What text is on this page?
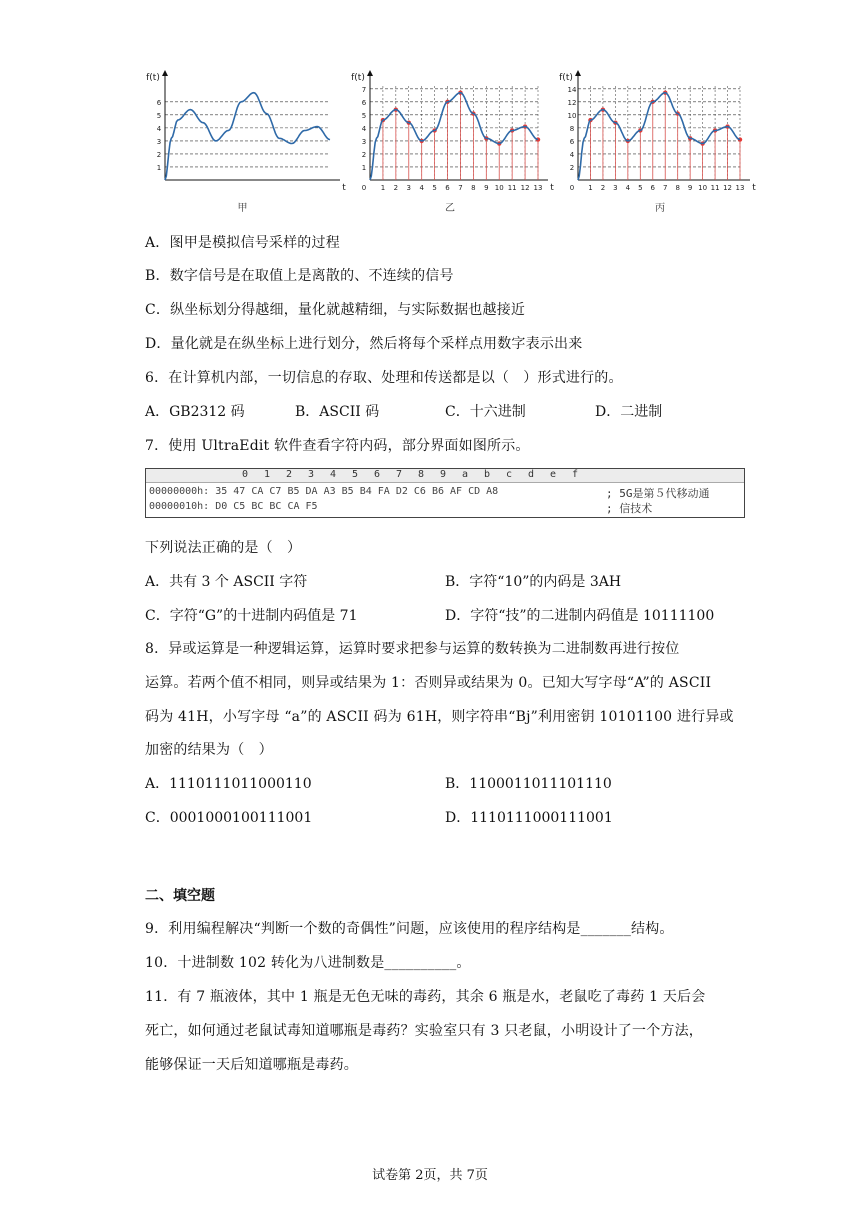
1
2
3
4
5
6
f(t)
t
甲
1
2
3
4
5
6
7
f(t)
t
0 1 2 3 4 5 6 7 8 9 10 11 12 13
乙
2
4
6
8
10
12
14
f(t)
t
0 1 2 3 4 5 6 7 8 9 10 11 12 13
丙
A．图甲是模拟信号采样的过程
B．数字信号是在取值上是离散的、不连续的信号
C．纵坐标划分得越细，量化就越精细，与实际数据也越接近
D．量化就是在纵坐标上进行划分，然后将每个采样点用数字表示出来
6．在计算机内部，一切信息的存取、处理和传送都是以（　）形式进行的。
A．GB2312 码	B．ASCII 码	C．十六进制	D．二进制
7．使用 UltraEdit 软件查看字符内码，部分界面如图所示。
0 1 2 3 4 5 6 7 8 9 a b c d e f
00000000h: 35 47 CA C7 B5 DA A3 B5 B4 FA D2 C6 B6 AF CD A8
00000010h: D0 C5 BC BC CA F5
; 5G是第５代移动通
; 信技术
下列说法正确的是（　）
A．共有 3 个 ASCII 字符	B．字符“10”的内码是 3AH
C．字符“G”的十进制内码值是 71	D．字符“技”的二进制内码值是 10111100
8．异或运算是一种逻辑运算，运算时要求把参与运算的数转换为二进制数再进行按位
运算。若两个值不相同，则异或结果为 1：否则异或结果为 0。已知大写字母“A”的 ASCII
码为 41H，小写字母 “a”的 ASCII 码为 61H，则字符串“Bj”利用密钥 10101100 进行异或
加密的结果为（　）
A．1110111011000110	B．1100011011101110
C．0001000100111001	D．1110111000111001
二、填空题
9．利用编程解决“判断一个数的奇偶性”问题，应该使用的程序结构是_______结构。
10．十进制数 102 转化为八进制数是__________。
11．有 7 瓶液体，其中 1 瓶是无色无味的毒药，其余 6 瓶是水，老鼠吃了毒药 1 天后会
死亡，如何通过老鼠试毒知道哪瓶是毒药？实验室只有 3 只老鼠，小明设计了一个方法，
能够保证一天后知道哪瓶是毒药。
试卷第 2页，共 7页
